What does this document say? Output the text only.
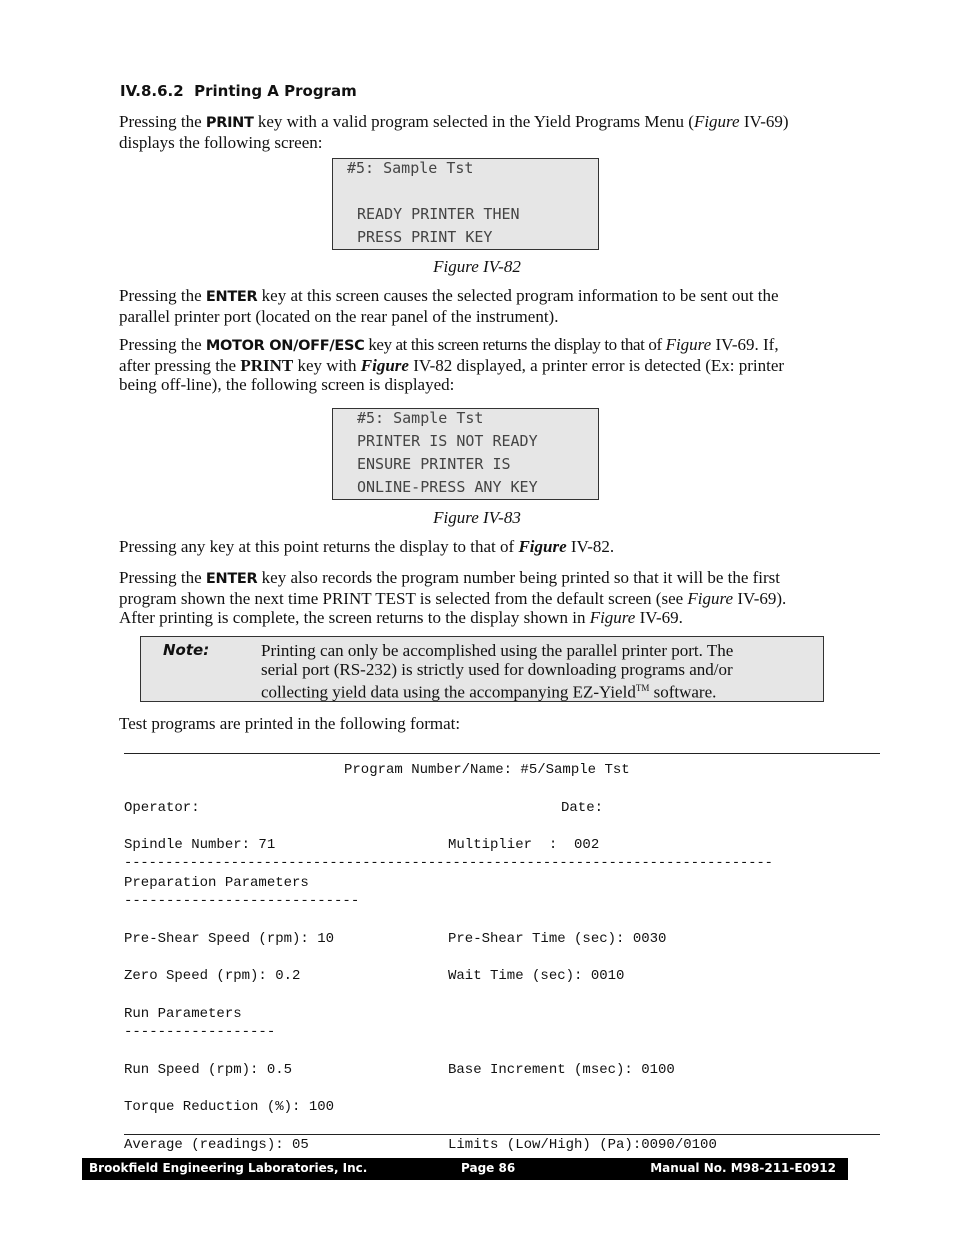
IV.8.6.2 Printing A Program
Pressing the PRINT key with a valid program selected in the Yield Programs Menu (Figure IV-69)
displays the following screen:
#5: Sample Tst
READY PRINTER THEN
PRESS PRINT KEY
Figure IV-82
Pressing the ENTER key at this screen causes the selected program information to be sent out the
parallel printer port (located on the rear panel of the instrument).
Pressing the MOTOR ON/OFF/ESC key at this screen returns the display to that of Figure IV-69. If,
after pressing the PRINT key with Figure IV-82 displayed, a printer error is detected (Ex: printer
being off-line), the following screen is displayed:
#5: Sample Tst
PRINTER IS NOT READY
ENSURE PRINTER IS
ONLINE-PRESS ANY KEY
Figure IV-83
Pressing any key at this point returns the display to that of Figure IV-82.
Pressing the ENTER key also records the program number being printed so that it will be the first
program shown the next time PRINT TEST is selected from the default screen (see Figure IV-69).
After printing is complete, the screen returns to the display shown in Figure IV-69.
Note:	Printing can only be accomplished using the parallel printer port. The
serial port (RS-232) is strictly used for downloading programs and/or
collecting yield data using the accompanying EZ-Yield™ software.
Test programs are printed in the following format:
Program Number/Name: #5/Sample Tst
Operator:	Date:
Spindle Number: 71	Multiplier  :  002
-------------------------------------------------------------------------------
Preparation Parameters
----------------------------
Pre-Shear Speed (rpm): 10	Pre-Shear Time (sec): 0030
Zero Speed (rpm): 0.2	Wait Time (sec): 0010
Run Parameters
------------------
Run Speed (rpm): 0.5	Base Increment (msec): 0100
Torque Reduction (%): 100
Average (readings): 05	Limits (Low/High) (Pa):0090/0100
Brookfield Engineering Laboratories, Inc.	Page 86	Manual No. M98-211-E0912
